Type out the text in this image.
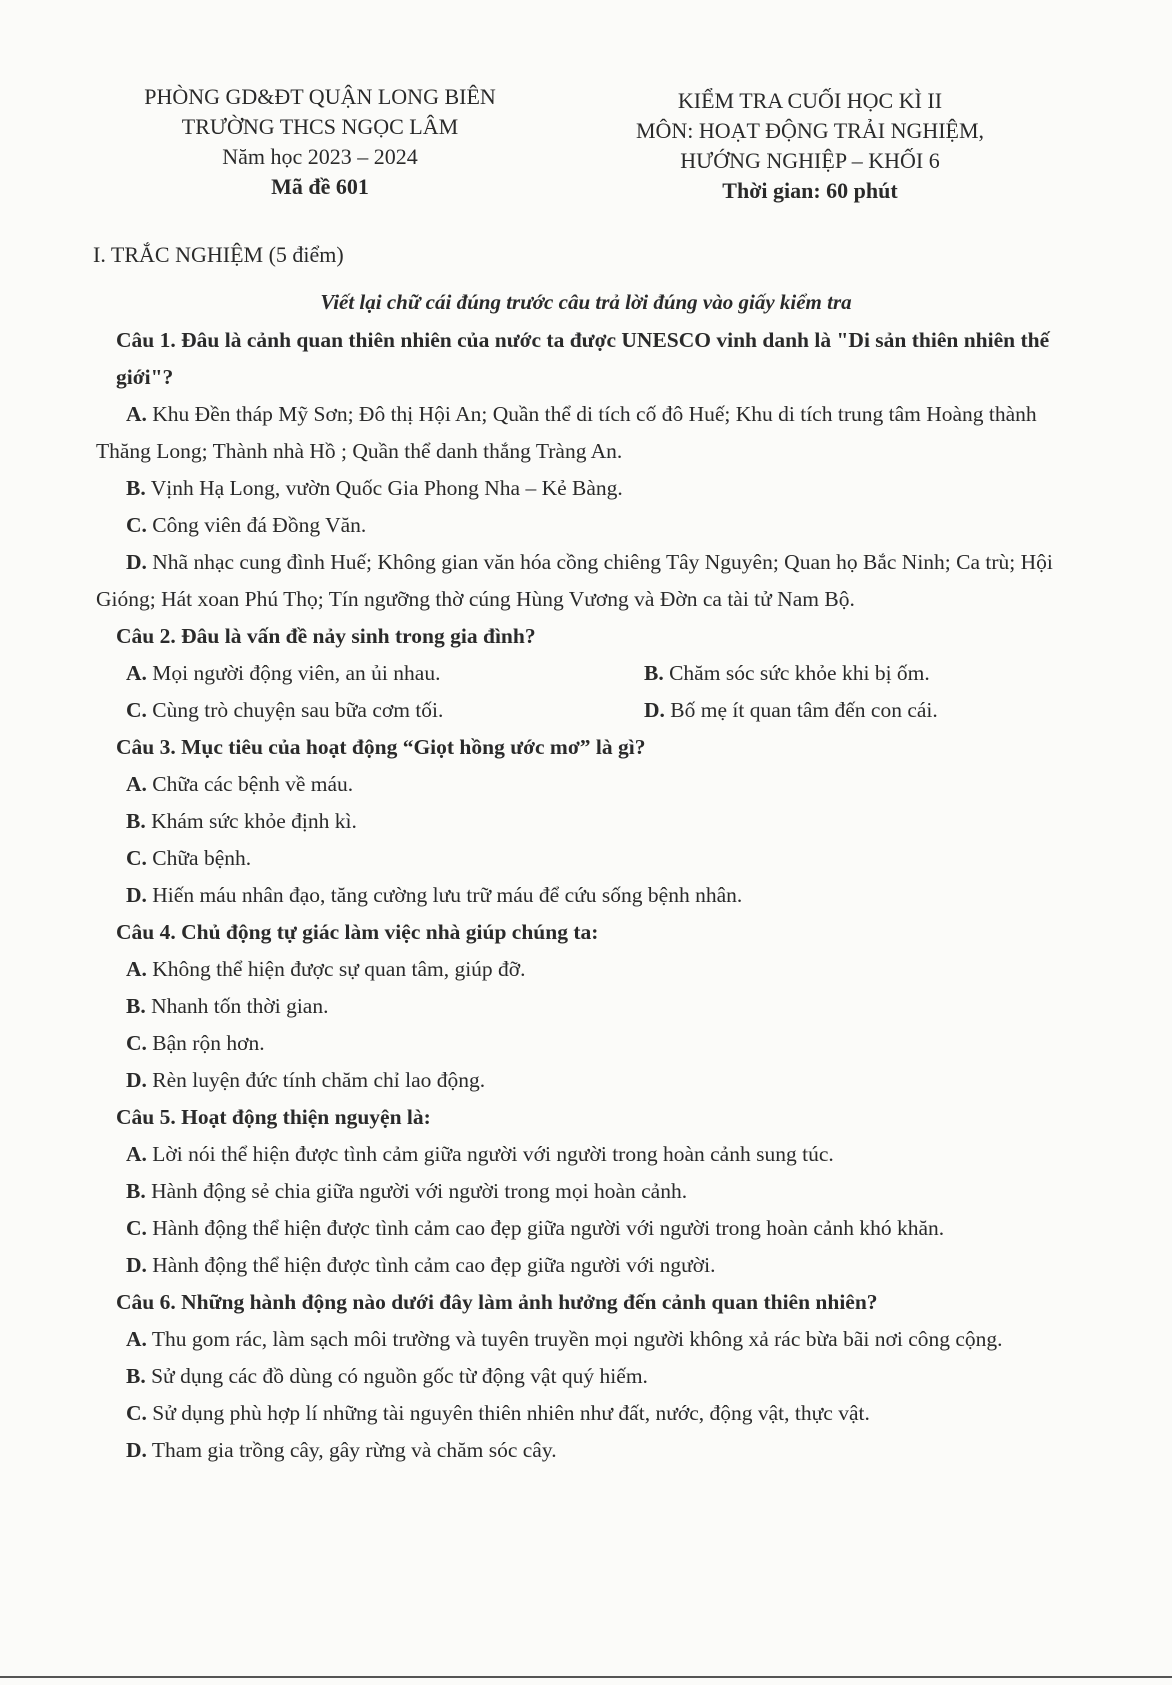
PHÒNG GD&ĐT QUẬN LONG BIÊN
TRƯỜNG THCS NGỌC LÂM
Năm học 2023 – 2024
Mã đề 601
KIỂM TRA CUỐI HỌC KÌ II
MÔN: HOẠT ĐỘNG TRẢI NGHIỆM,
HƯỚNG NGHIỆP – KHỐI 6
Thời gian: 60 phút
I. TRẮC NGHIỆM (5 điểm)
Viết lại chữ cái đúng trước câu trả lời đúng vào giấy kiểm tra

Câu 1. Đâu là cảnh quan thiên nhiên của nước ta được UNESCO vinh danh là "Di sản thiên nhiên thế giới"?

A. Khu Đền tháp Mỹ Sơn; Đô thị Hội An; Quần thể di tích cố đô Huế; Khu di tích trung tâm Hoàng thành Thăng Long; Thành nhà Hồ ; Quần thể danh thắng Tràng An.

B. Vịnh Hạ Long, vườn Quốc Gia Phong Nha – Kẻ Bàng.

C. Công viên đá Đồng Văn.

D. Nhã nhạc cung đình Huế; Không gian văn hóa cồng chiêng Tây Nguyên; Quan họ Bắc Ninh; Ca trù; Hội Gióng; Hát xoan Phú Thọ; Tín ngưỡng thờ cúng Hùng Vương và Đờn ca tài tử Nam Bộ.

Câu 2. Đâu là vấn đề nảy sinh trong gia đình?

A. Mọi người động viên, an ủi nhau.	B. Chăm sóc sức khỏe khi bị ốm.
C. Cùng trò chuyện sau bữa cơm tối.	D. Bố mẹ ít quan tâm đến con cái.

Câu 3. Mục tiêu của hoạt động “Giọt hồng ước mơ” là gì?

A. Chữa các bệnh về máu.

B. Khám sức khỏe định kì.

C. Chữa bệnh.

D. Hiến máu nhân đạo, tăng cường lưu trữ máu để cứu sống bệnh nhân.

Câu 4. Chủ động tự giác làm việc nhà giúp chúng ta:

A. Không thể hiện được sự quan tâm, giúp đỡ.

B. Nhanh tốn thời gian.

C. Bận rộn hơn.

D. Rèn luyện đức tính chăm chỉ lao động.

Câu 5. Hoạt động thiện nguyện là:

A. Lời nói thể hiện được tình cảm giữa người với người trong hoàn cảnh sung túc.

B. Hành động sẻ chia giữa người với người trong mọi hoàn cảnh.

C. Hành động thể hiện được tình cảm cao đẹp giữa người với người trong hoàn cảnh khó khăn.

D. Hành động thể hiện được tình cảm cao đẹp giữa người với người.

Câu 6. Những hành động nào dưới đây làm ảnh hưởng đến cảnh quan thiên nhiên?

A. Thu gom rác, làm sạch môi trường và tuyên truyền mọi người không xả rác bừa bãi nơi công cộng.

B. Sử dụng các đồ dùng có nguồn gốc từ động vật quý hiếm.

C. Sử dụng phù hợp lí những tài nguyên thiên nhiên như đất, nước, động vật, thực vật.

D. Tham gia trồng cây, gây rừng và chăm sóc cây.
